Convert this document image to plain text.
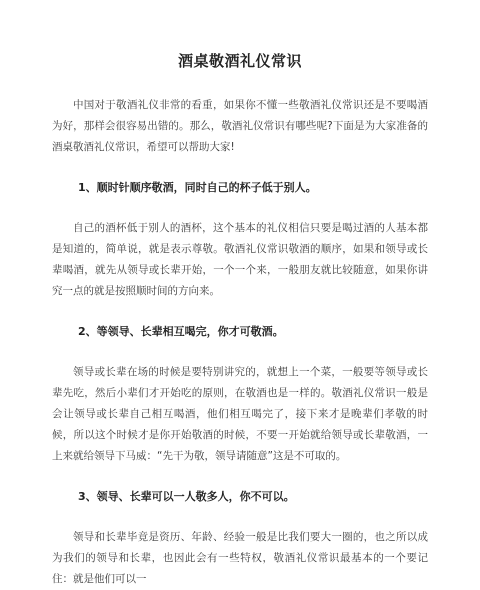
酒桌敬酒礼仪常识

中国对于敬酒礼仪非常的看重，如果你不懂一些敬酒礼仪常识还是不要喝酒为好，那样会很容易出错的。那么，敬酒礼仪常识有哪些呢?下面是为大家准备的酒桌敬酒礼仪常识，希望可以帮助大家!

1、顺时针顺序敬酒，同时自己的杯子低于别人。

自己的酒杯低于别人的酒杯，这个基本的礼仪相信只要是喝过酒的人基本都是知道的，简单说，就是表示尊敬。敬酒礼仪常识敬酒的顺序，如果和领导或长辈喝酒，就先从领导或长辈开始，一个一个来，一般朋友就比较随意，如果你讲究一点的就是按照顺时间的方向来。

2、等领导、长辈相互喝完，你才可敬酒。

领导或长辈在场的时候是要特别讲究的，就想上一个菜，一般要等领导或长辈先吃，然后小辈们才开始吃的原则，在敬酒也是一样的。敬酒礼仪常识一般是会让领导或长辈自己相互喝酒，他们相互喝完了，接下来才是晚辈们孝敬的时候，所以这个时候才是你开始敬酒的时候，不要一开始就给领导或长辈敬酒，一上来就给领导下马威：“先干为敬，领导请随意”这是不可取的。

3、领导、长辈可以一人敬多人，你不可以。

领导和长辈毕竟是资历、年龄、经验一般是比我们要大一圈的，也之所以成为我们的领导和长辈，也因此会有一些特权，敬酒礼仪常识最基本的一个要记住：就是他们可以一
